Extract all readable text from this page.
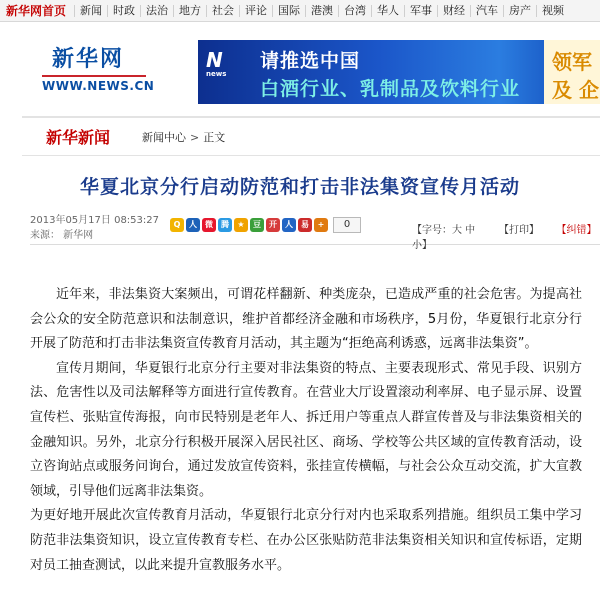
新华网首页	新闻	时政	法治	地方	社会	评论	国际	港澳	台湾	华人	军事	财经	汽车	房产	视频
新华网
WWW.NEWS.CN
N
news
请推选中国
白酒行业、乳制品及饮料行业
领军
及 企
新华新闻	新闻中心 > 正文
华夏北京分行启动防范和打击非法集资宣传月活动
2013年05月17日 08:53:27
来源： 新华网
Q	人	微	腾	★	豆	开	人	易	+	0
【字号：大 中 小】
【打印】	【纠错】

近年来，非法集资大案频出，可谓花样翻新、种类庞杂，已造成严重的社会危害。为提高社会公众的安全防范意识和法制意识，维护首都经济金融和市场秩序，5月份，华夏银行北京分行开展了防范和打击非法集资宣传教育月活动，其主题为“拒绝高利诱惑，远离非法集资”。

宣传月期间，华夏银行北京分行主要对非法集资的特点、主要表现形式、常见手段、识别方法、危害性以及司法解释等方面进行宣传教育。在营业大厅设置滚动利率屏、电子显示屏、设置宣传栏、张贴宣传海报，向市民特别是老年人、拆迁用户等重点人群宣传普及与非法集资相关的金融知识。另外，北京分行积极开展深入居民社区、商场、学校等公共区域的宣传教育活动，设立咨询站点或服务问询台，通过发放宣传资料，张挂宣传横幅，与社会公众互动交流，扩大宣教领域，引导他们远离非法集资。

为更好地开展此次宣传教育月活动，华夏银行北京分行对内也采取系列措施。组织员工集中学习防范非法集资知识，设立宣传教育专栏、在办公区张贴防范非法集资相关知识和宣传标语，定期对员工抽查测试，以此来提升宣教服务水平。
